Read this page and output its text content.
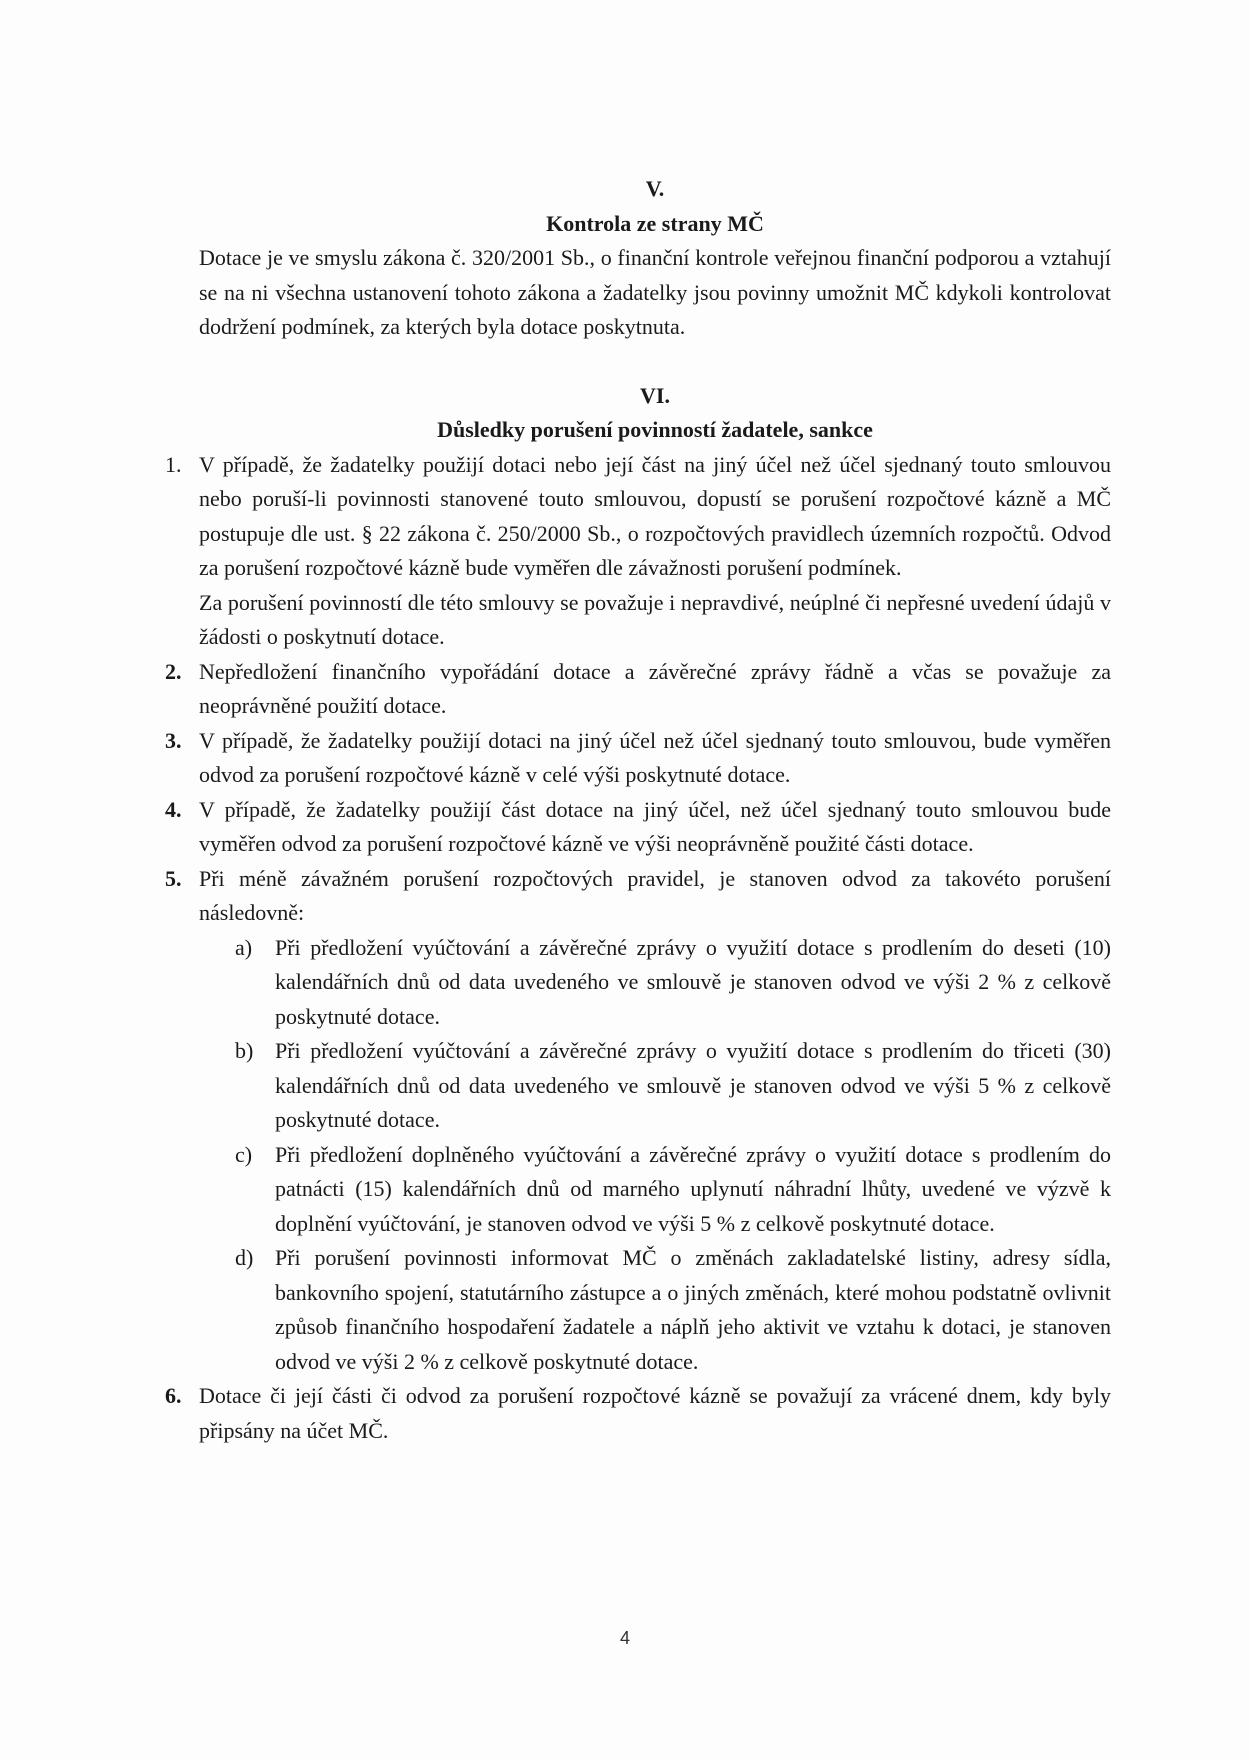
V.
Kontrola ze strany MČ
Dotace je ve smyslu zákona č. 320/2001 Sb., o finanční kontrole veřejnou finanční podporou a vztahují se na ni všechna ustanovení tohoto zákona a žadatelky jsou povinny umožnit MČ kdykoli kontrolovat dodržení podmínek, za kterých byla dotace poskytnuta.
VI.
Důsledky porušení povinností žadatele, sankce
1. V případě, že žadatelky použijí dotaci nebo její část na jiný účel než účel sjednaný touto smlouvou nebo poruší-li povinnosti stanovené touto smlouvou, dopustí se porušení rozpočtové kázně a MČ postupuje dle ust. § 22 zákona č. 250/2000 Sb., o rozpočtových pravidlech územních rozpočtů. Odvod za porušení rozpočtové kázně bude vyměřen dle závažnosti porušení podmínek.
Za porušení povinností dle této smlouvy se považuje i nepravdivé, neúplné či nepřesné uvedení údajů v žádosti o poskytnutí dotace.
2. Nepředložení finančního vypořádání dotace a závěrečné zprávy řádně a včas se považuje za neoprávněné použití dotace.
3. V případě, že žadatelky použijí dotaci na jiný účel než účel sjednaný touto smlouvou, bude vyměřen odvod za porušení rozpočtové kázně v celé výši poskytnuté dotace.
4. V případě, že žadatelky použijí část dotace na jiný účel, než účel sjednaný touto smlouvou bude vyměřen odvod za porušení rozpočtové kázně ve výši neoprávněně použité části dotace.
5. Při méně závažném porušení rozpočtových pravidel, je stanoven odvod za takovéto porušení následovně:
a) Při předložení vyúčtování a závěrečné zprávy o využití dotace s prodlením do deseti (10) kalendářních dnů od data uvedeného ve smlouvě je stanoven odvod ve výši 2 % z celkově poskytnuté dotace.
b) Při předložení vyúčtování a závěrečné zprávy o využití dotace s prodlením do třiceti (30) kalendářních dnů od data uvedeného ve smlouvě je stanoven odvod ve výši 5 % z celkově poskytnuté dotace.
c) Při předložení doplněného vyúčtování a závěrečné zprávy o využití dotace s prodlením do patnácti (15) kalendářních dnů od marného uplynutí náhradní lhůty, uvedené ve výzvě k doplnění vyúčtování, je stanoven odvod ve výši 5 % z celkově poskytnuté dotace.
d) Při porušení povinnosti informovat MČ o změnách zakladatelské listiny, adresy sídla, bankovního spojení, statutárního zástupce a o jiných změnách, které mohou podstatně ovlivnit způsob finančního hospodaření žadatele a náplň jeho aktivit ve vztahu k dotaci, je stanoven odvod ve výši 2 % z celkově poskytnuté dotace.
6. Dotace či její části či odvod za porušení rozpočtové kázně se považují za vrácené dnem, kdy byly připsány na účet MČ.
4
